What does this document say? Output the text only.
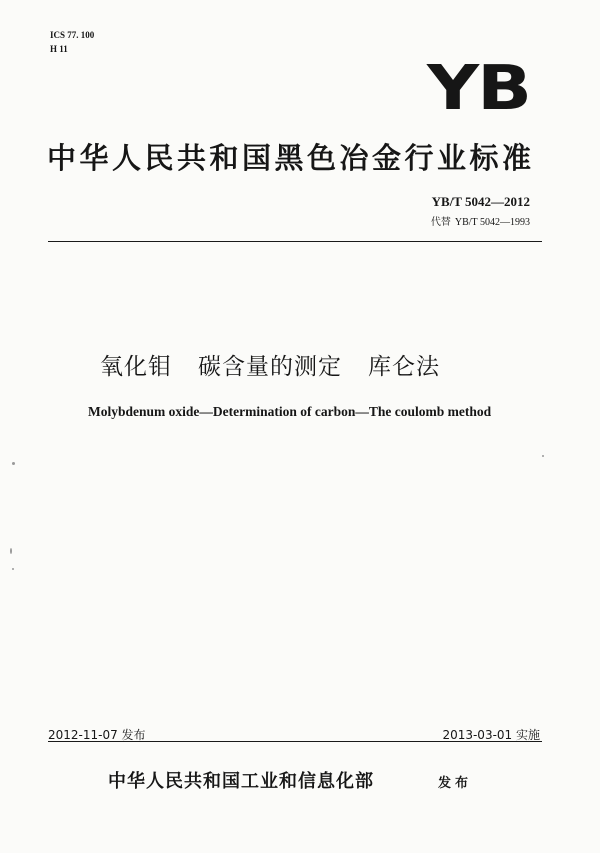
ICS 77. 100
H 11
YB
中华人民共和国黑色冶金行业标准
YB/T 5042—2012
代替 YB/T 5042—1993
氧化钼 碳含量的测定 库仑法
Molybdenum oxide—Determination of carbon—The coulomb method
2012-11-07 发布	2013-03-01 实施
中华人民共和国工业和信息化部	发布
